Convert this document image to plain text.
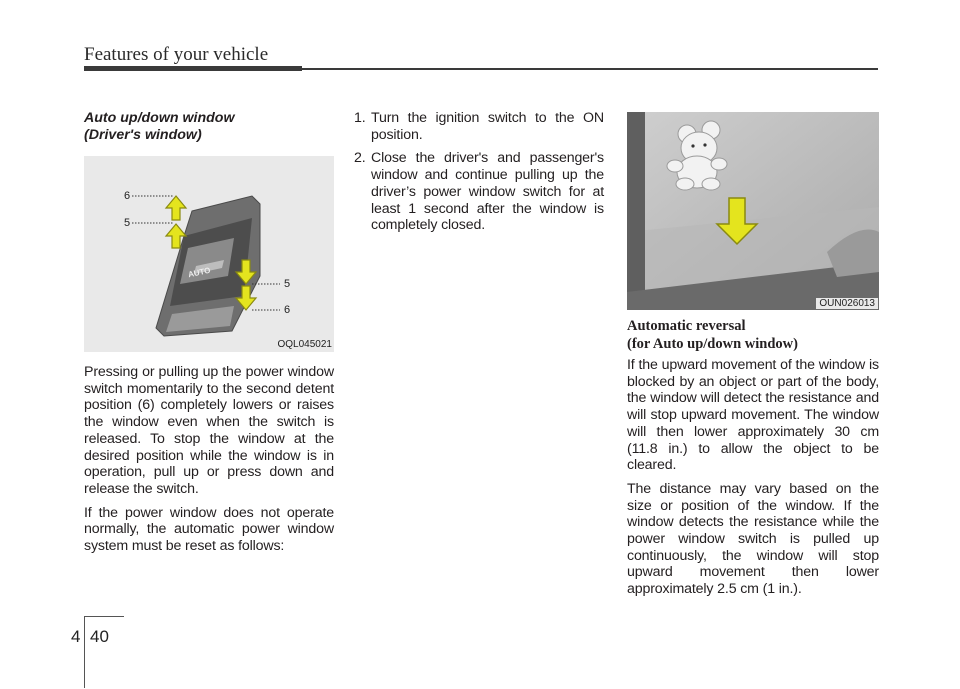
Features of your vehicle
Auto up/down window
(Driver's window)
6
5
5
6
AUTO
OQL045021

Pressing or pulling up the power window switch momentarily to the second detent position (6) completely lowers or raises the window even when the switch is released. To stop the window at the desired position while the window is in operation, pull up or press down and release the switch.

If the power window does not operate normally, the automatic power window system must be reset as follows:

1. Turn the ignition switch to the ON position.
2. Close the driver's and passenger's window and continue pulling up the driver’s power window switch for at least 1 second after the window is completely closed.
OUN026013
Automatic reversal
(for Auto up/down window)

If the upward movement of the window is blocked by an object or part of the body, the window will detect the resistance and will stop upward movement. The window will then lower approximately 30 cm (11.8 in.) to allow the object to be cleared.

The distance may vary based on the size or position of the window. If the window detects the resistance while the power window switch is pulled up continuously, the window will stop upward movement then lower approximately 2.5 cm (1 in.).

4 40
